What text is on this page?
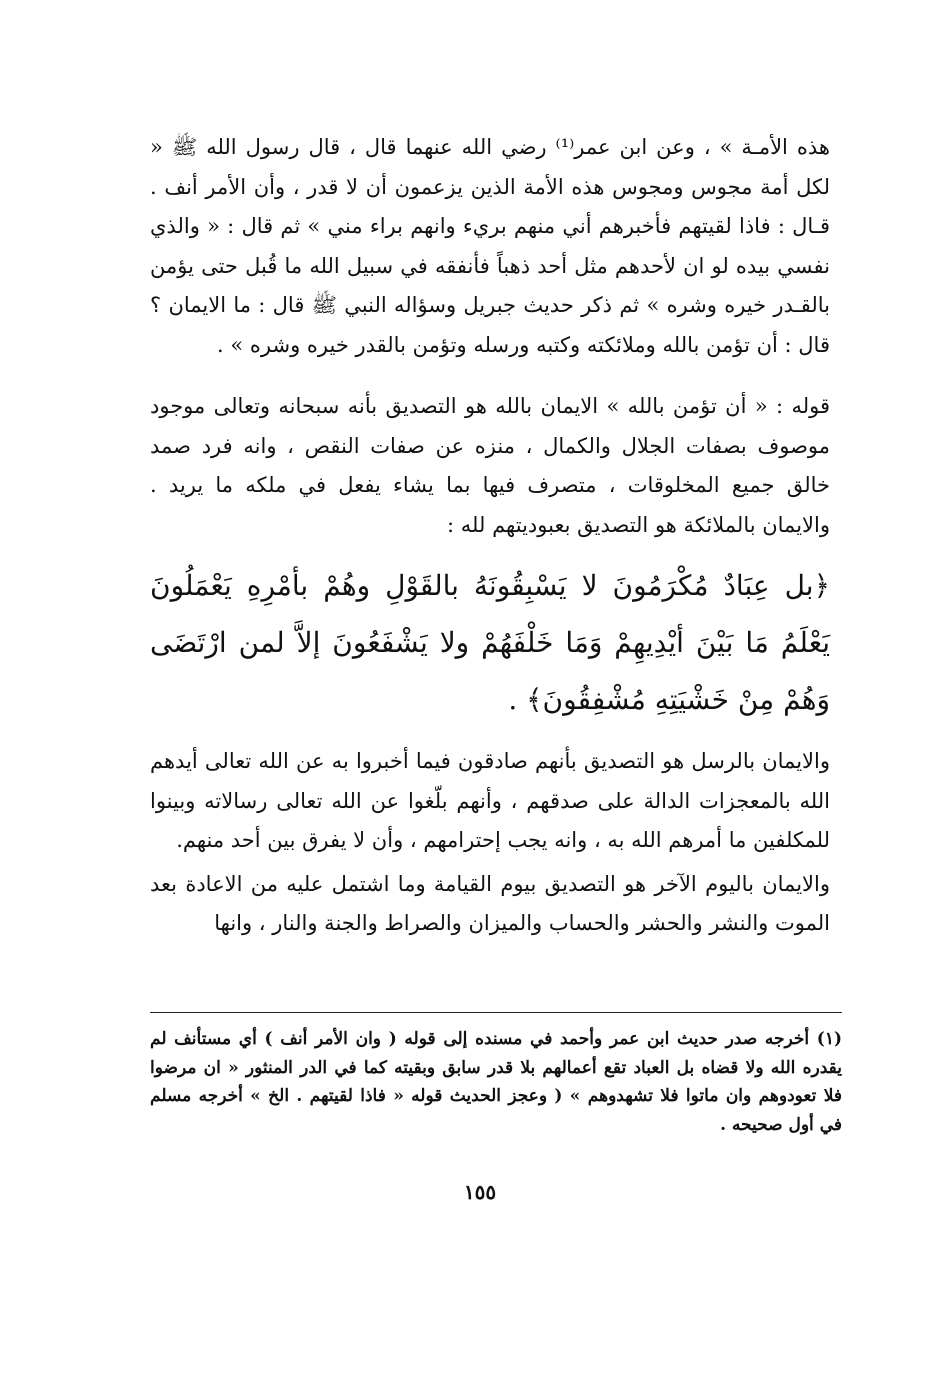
هذه الأمـة » ، وعن ابن عمر⁽¹⁾ رضي الله عنهما قال ، قال رسول الله ﷺ « لكل أمة مجوس ومجوس هذه الأمة الذين يزعمون أن لا قدر ، وأن الأمر أنف . قـال : فاذا لقيتهم فأخبرهم أني منهم بريء وانهم براء مني » ثم قال : « والذي نفسي بيده لو ان لأحدهم مثل أحد ذهباً فأنفقه في سبيل الله ما قُبل حتى يؤمن بالقـدر خيره وشره » ثم ذكر حديث جبريل وسؤاله النبي ﷺ قال : ما الايمان ؟ قال : أن تؤمن بالله وملائكته وكتبه ورسله وتؤمن بالقدر خيره وشره » .

قوله : « أن تؤمن بالله » الايمان بالله هو التصديق بأنه سبحانه وتعالى موجود موصوف بصفات الجلال والكمال ، منزه عن صفات النقص ، وانه فرد صمد خالق جميع المخلوقات ، متصرف فيها بما يشاء يفعل في ملكه ما يريد . والايمان بالملائكة هو التصديق بعبوديتهم لله :

﴿بل عِبَادٌ مُكْرَمُونَ لا يَسْبِقُونَهُ بالقَوْلِ وهُمْ بأمْرِهِ يَعْمَلُونَ يَعْلَمُ مَا بَيْنَ أيْدِيهِمْ وَمَا خَلْفَهُمْ ولا يَشْفَعُونَ إلاَّ لمن ارْتَضَى وَهُمْ مِنْ خَشْيَتِهِ مُشْفِقُونَ﴾ .

والايمان بالرسل هو التصديق بأنهم صادقون فيما أخبروا به عن الله تعالى أيدهم الله بالمعجزات الدالة على صدقهم ، وأنهم بلّغوا عن الله تعالى رسالاته وبينوا للمكلفين ما أمرهم الله به ، وانه يجب إحترامهم ، وأن لا يفرق بين أحد منهم.

والايمان باليوم الآخر هو التصديق بيوم القيامة وما اشتمل عليه من الاعادة بعد الموت والنشر والحشر والحساب والميزان والصراط والجنة والنار ، وانها

(١) أخرجه صدر حديث ابن عمر وأحمد في مسنده إلى قوله ( وان الأمر أنف ) أي مستأنف لم يقدره الله ولا قضاه بل العباد تقع أعمالهم بلا قدر سابق وبقيته كما في الدر المنثور « ان مرضوا فلا تعودوهم وان ماتوا فلا تشهدوهم » ( وعجز الحديث قوله « فاذا لقيتهم . الخ » أخرجه مسلم في أول صحيحه .

١٥٥
